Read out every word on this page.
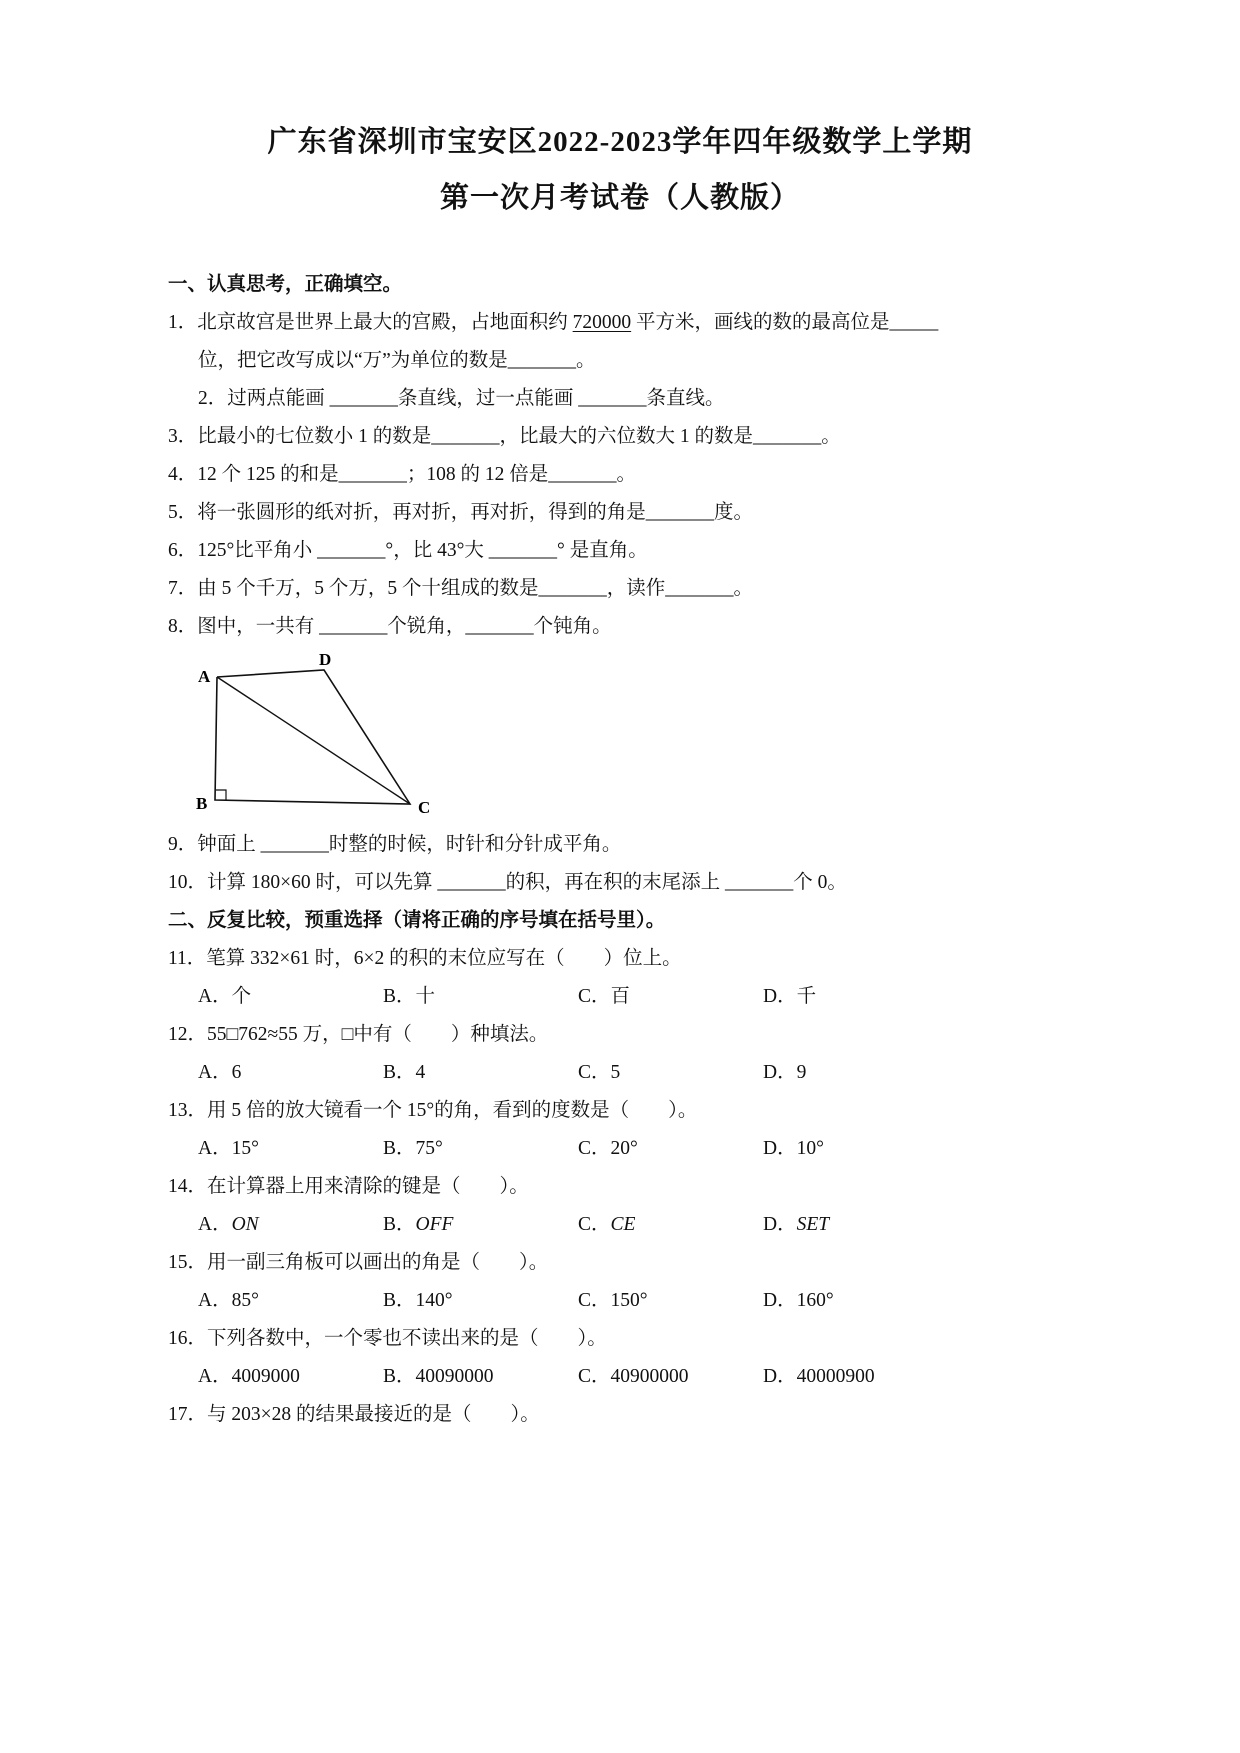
广东省深圳市宝安区2022-2023学年四年级数学上学期
第一次月考试卷（人教版）

一、认真思考，正确填空。

1．北京故宫是世界上最大的宫殿，占地面积约 720000 平方米，画线的数的最高位是_____

位，把它改写成以“万”为单位的数是_______。

2．过两点能画 _______条直线，过一点能画 _______条直线。

3．比最小的七位数小 1 的数是_______，比最大的六位数大 1 的数是_______。

4．12 个 125 的和是_______；108 的 12 倍是_______。

5．将一张圆形的纸对折，再对折，再对折，得到的角是_______度。

6．125°比平角小 _______°，比 43°大 _______° 是直角。

7．由 5 个千万，5 个万，5 个十组成的数是_______，读作_______。

8．图中，一共有 _______个锐角，_______个钝角。

A
D
B	C

9．钟面上 _______时整的时候，时针和分针成平角。

10．计算 180×60 时，可以先算 _______的积，再在积的末尾添上 _______个 0。

二、反复比较，预重选择（请将正确的序号填在括号里）。

11．笔算 332×61 时，6×2 的积的末位应写在（　　）位上。

A．个	B．十	C．百	D．千

12．55□762≈55 万，□中有（　　）种填法。

A．6	B．4	C．5	D．9

13．用 5 倍的放大镜看一个 15°的角，看到的度数是（　　）。

A．15°	B．75°	C．20°	D．10°

14．在计算器上用来清除的键是（　　）。

A．ON	B．OFF	C．CE	D．SET

15．用一副三角板可以画出的角是（　　）。

A．85°	B．140°	C．150°	D．160°

16．下列各数中，一个零也不读出来的是（　　）。

A．4009000	B．40090000	C．40900000	D．40000900

17．与 203×28 的结果最接近的是（　　）。
